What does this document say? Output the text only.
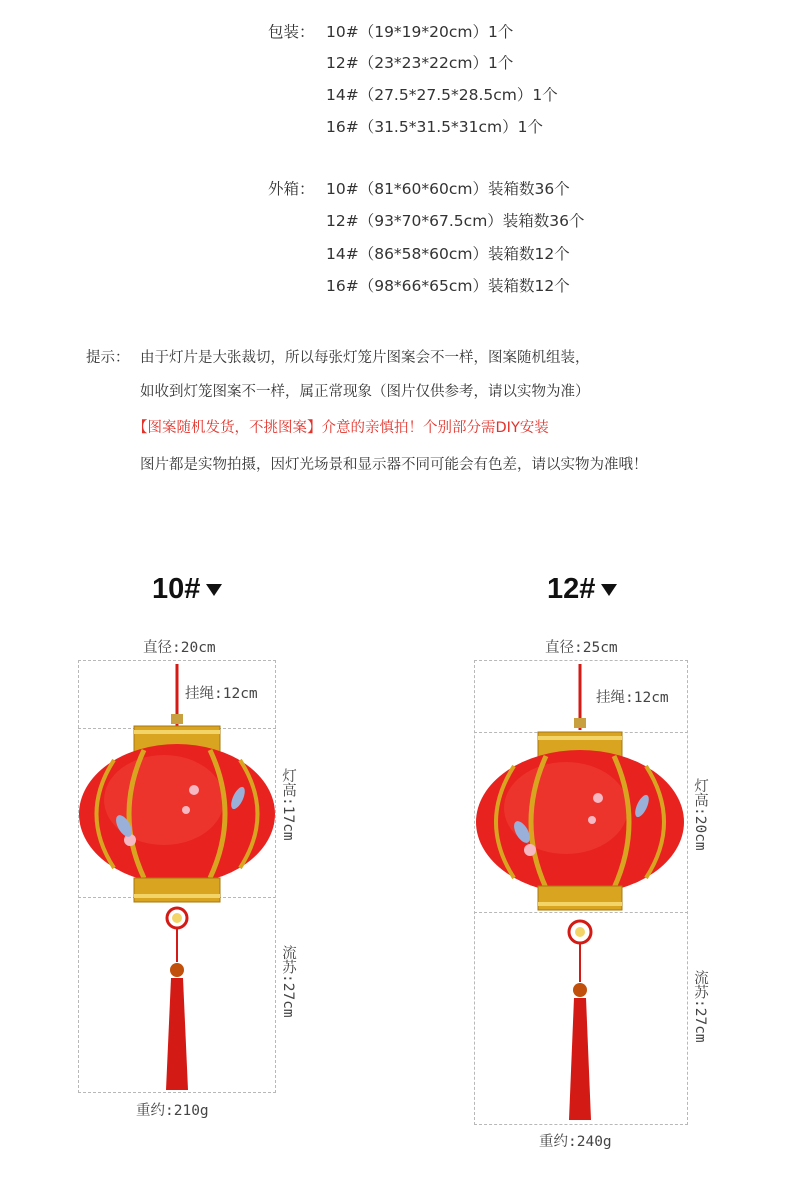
包装： 10#（19*19*20cm）1个
12#（23*23*22cm）1个
14#（27.5*27.5*28.5cm）1个
16#（31.5*31.5*31cm）1个
外箱： 10#（81*60*60cm）装箱数36个
12#（93*70*67.5cm）装箱数36个
14#（86*58*60cm）装箱数12个
16#（98*66*65cm）装箱数12个
提示： 由于灯片是大张裁切，所以每张灯笼片图案会不一样，图案随机组装，
如收到灯笼图案不一样，属正常现象（图片仅供参考，请以实物为准）
【图案随机发货，不挑图案】介意的亲慎拍！个别部分需DIY安装
图片都是实物拍摄，因灯光场景和显示器不同可能会有色差，请以实物为准哦！
10#
直径:20cm
挂绳:12cm
灯高:17cm
流苏:27cm
重约:210g
12#
直径:25cm
挂绳:12cm
灯高:20cm
流苏:27cm
重约:240g
